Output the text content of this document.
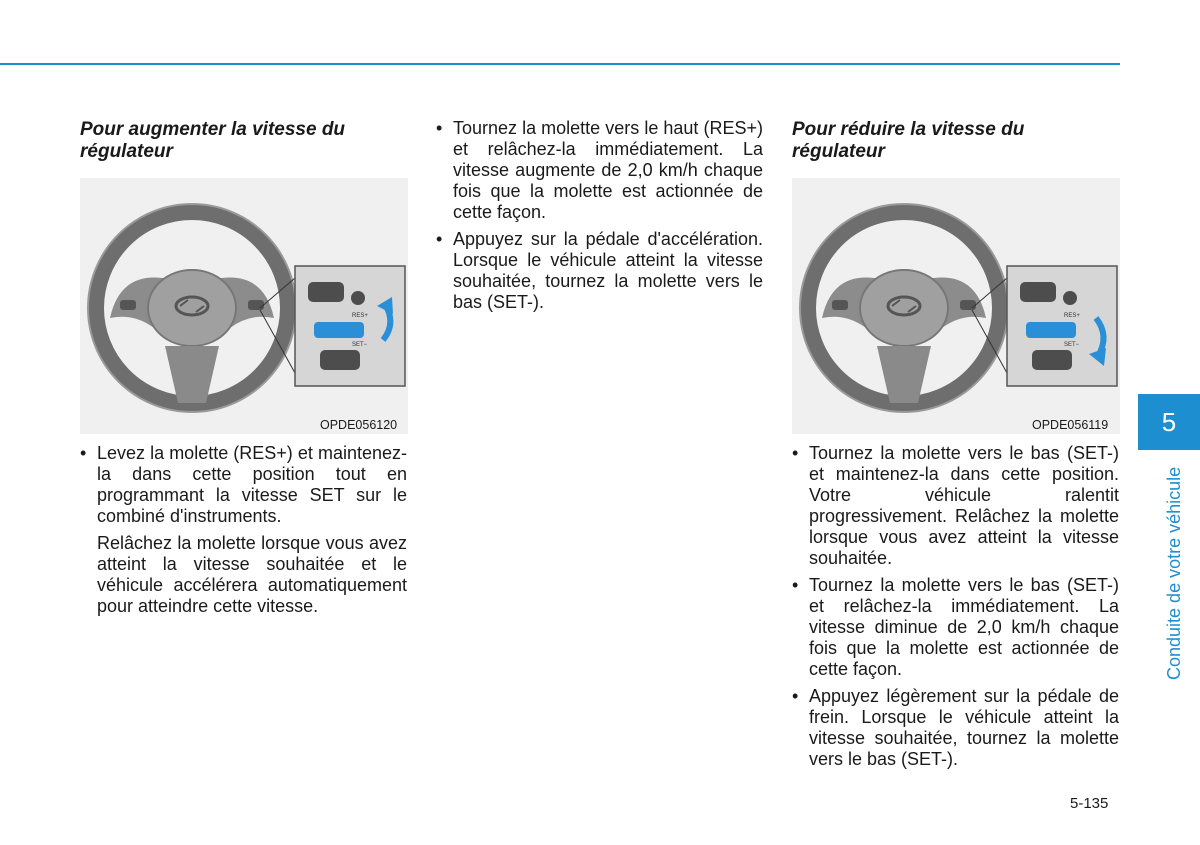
Pour augmenter la vitesse du régulateur
RES+
SET−
OPDE056120
• Levez la molette (RES+) et maintenez-la dans cette position tout en programmant la vitesse SET sur le combiné d'instruments.

Relâchez la molette lorsque vous avez atteint la vitesse souhaitée et le véhicule accélérera automatiquement pour atteindre cette vitesse.

• Tournez la molette vers le haut (RES+) et relâchez-la immédiatement. La vitesse augmente de 2,0 km/h chaque fois que la molette est actionnée de cette façon.

• Appuyez sur la pédale d'accélération. Lorsque le véhicule atteint la vitesse souhaitée, tournez la molette vers le bas (SET-).

Pour réduire la vitesse du régulateur
RES+
SET−
OPDE056119
• Tournez la molette vers le bas (SET-) et maintenez-la dans cette position. Votre véhicule ralentit progressivement. Relâchez la molette lorsque vous avez atteint la vitesse souhaitée.

• Tournez la molette vers le bas (SET-) et relâchez-la immédiatement. La vitesse diminue de 2,0 km/h chaque fois que la molette est actionnée de cette façon.

• Appuyez légèrement sur la pédale de frein. Lorsque le véhicule atteint la vitesse souhaitée, tournez la molette vers le bas (SET-).

5
Conduite de votre véhicule
5-135
